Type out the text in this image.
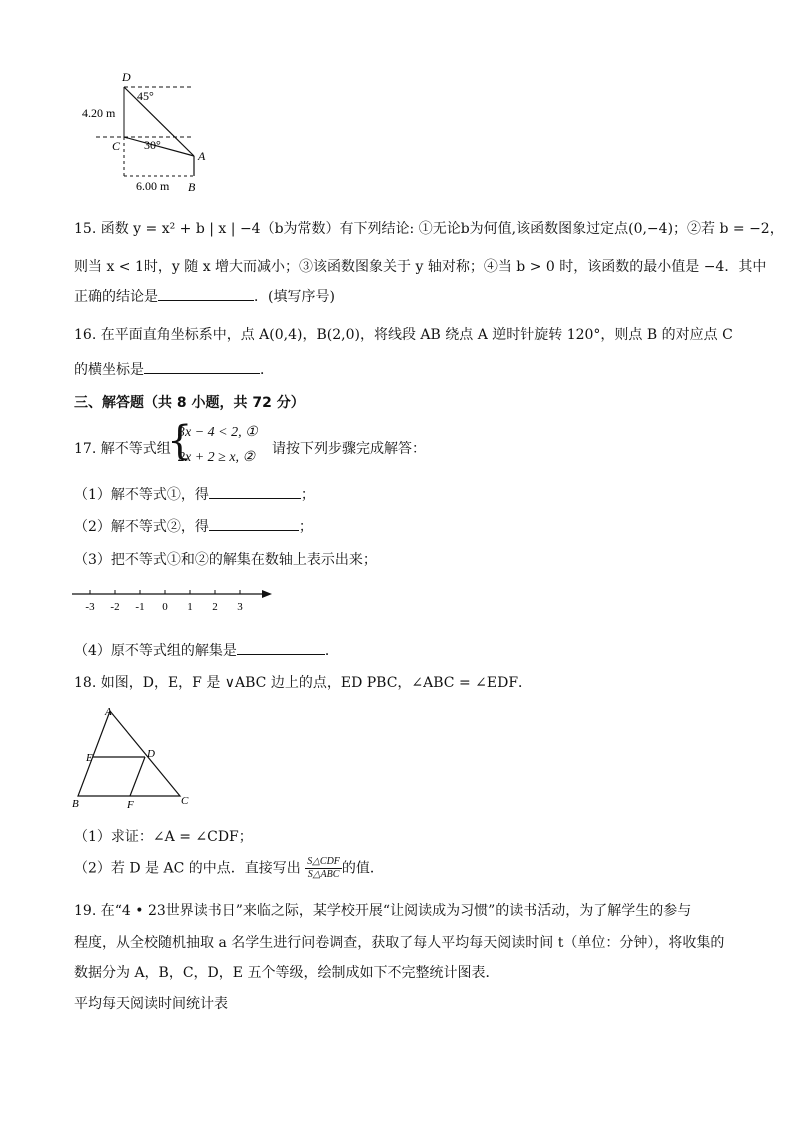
D
45°
4.20 m
C 30°
A
6.00 m B
15. 函数 y = x² + b | x | −4（b为常数）有下列结论: ①无论b为何值,该函数图象过定点(0,−4)；②若 b = −2，
则当 x < 1时，y 随 x 增大而减小；③该函数图象关于 y 轴对称；④当 b > 0 时，该函数的最小值是 −4．其中
正确的结论是	．(填写序号)
16. 在平面直角坐标系中，点 A(0,4)，B(2,0)，将线段 AB 绕点 A 逆时针旋转 120°，则点 B 的对应点 C
的横坐标是	．
三、解答题（共 8 小题，共 72 分）
17. 解不等式组
{
3x − 4 < 2, ①
2x + 2 ≥ x, ②
请按下列步骤完成解答：
（1）解不等式①，得	；
（2）解不等式②，得	；
（3）把不等式①和②的解集在数轴上表示出来；
-3 -2 -1 0 1 2 3
（4）原不等式组的解集是	．
18. 如图，D，E，F 是 ∨ABC 边上的点，ED PBC，∠ABC = ∠EDF．
A
E	D
B	F	C
（1）求证：∠A = ∠CDF；
（2）若 D 是 AC 的中点．直接写出 $\frac{\text{S△CDF}}{\text{S△ABC}}$ 的值．
19. 在“4 • 23世界读书日”来临之际，某学校开展“让阅读成为习惯”的读书活动，为了解学生的参与
程度，从全校随机抽取 a 名学生进行问卷调查，获取了每人平均每天阅读时间 t（单位：分钟），将收集的
数据分为 A，B，C，D，E 五个等级，绘制成如下不完整统计图表．
平均每天阅读时间统计表
